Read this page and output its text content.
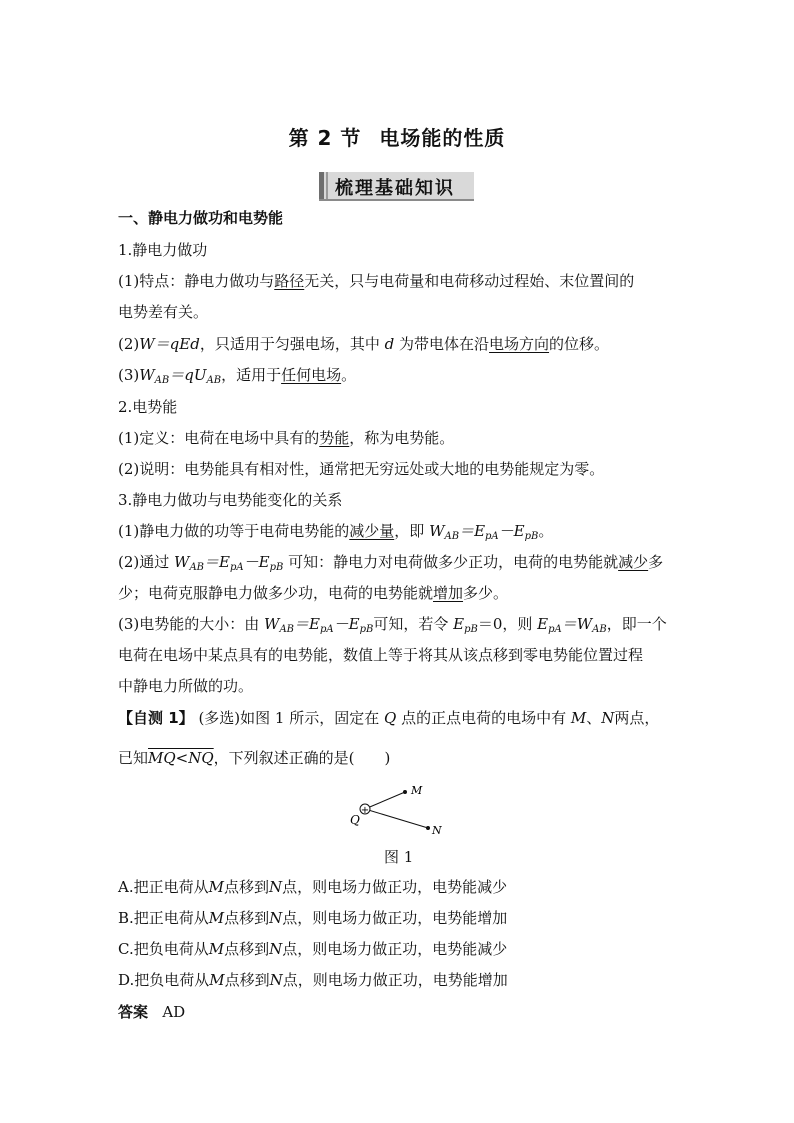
第 2 节 电场能的性质
梳理基础知识
一、静电力做功和电势能
1.静电力做功
(1)特点：静电力做功与路径无关，只与电荷量和电荷移动过程始、末位置间的
电势差有关。
(2)W＝qEd，只适用于匀强电场，其中 d 为带电体在沿电场方向的位移。
$(3)W_{AB}=qU_{AB}$，适用于任何电场。
2.电势能
(1)定义：电荷在电场中具有的势能，称为电势能。
(2)说明：电势能具有相对性，通常把无穷远处或大地的电势能规定为零。
3.静电力做功与电势能变化的关系
(1)静电力做的功等于电荷电势能的减少量，即 $W_{AB}=E_{pA}-E_{pB}$。
(2)通过 $W_{AB}=E_{pA}-E_{pB}$ 可知：静电力对电荷做多少正功，电荷的电势能就减少多
少；电荷克服静电力做多少功，电荷的电势能就增加多少。
(3)电势能的大小：由 $W_{AB}=E_{pA}-E_{pB}$可知，若令 $E_{pB}=0$，则 $E_{pA}=W_{AB}$，即一个
电荷在电场中某点具有的电势能，数值上等于将其从该点移到零电势能位置过程
中静电力所做的功。
【自测 1】 (多选)如图 1 所示，固定在 Q 点的正点电荷的电场中有 M、N两点，
已知MQ<NQ，下列叙述正确的是(　　)
+
Q
M
N
图 1
A.把正电荷从M点移到N点，则电场力做正功，电势能减少
B.把正电荷从M点移到N点，则电场力做正功，电势能增加
C.把负电荷从M点移到N点，则电场力做正功，电势能减少
D.把负电荷从M点移到N点，则电场力做正功，电势能增加
答案 AD
